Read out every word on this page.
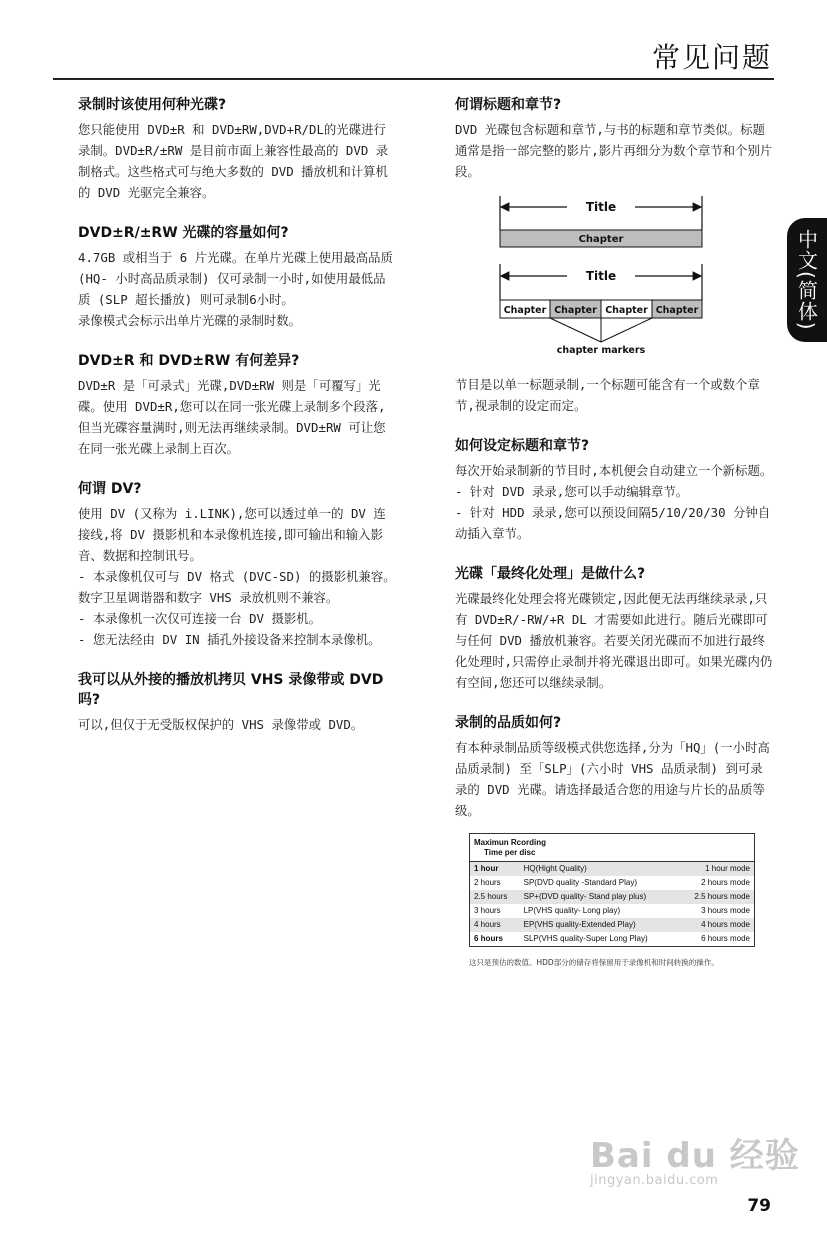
常见问题
中文(简体)
录制时该使用何种光碟?

您只能使用 DVD±R 和 DVD±RW,DVD+R/DL的光碟进行录制。DVD±R/±RW 是目前市面上兼容性最高的 DVD 录制格式。这些格式可与绝大多数的 DVD 播放机和计算机的 DVD 光驱完全兼容。

DVD±R/±RW 光碟的容量如何?

4.7GB 或相当于 6 片光碟。在单片光碟上使用最高品质 (HQ- 小时高品质录制) 仅可录制一小时,如使用最低品质 (SLP 超长播放) 则可录制6小时。
录像模式会标示出单片光碟的录制时数。

DVD±R 和 DVD±RW 有何差异?

DVD±R 是「可录式」光碟,DVD±RW 则是「可覆写」光碟。使用 DVD±R,您可以在同一张光碟上录制多个段落,但当光碟容量满时,则无法再继续录制。DVD±RW 可让您在同一张光碟上录制上百次。

何谓 DV?

使用 DV (又称为 i.LINK),您可以透过单一的 DV 连接线,将 DV 摄影机和本录像机连接,即可输出和输入影音、数据和控制讯号。
- 本录像机仅可与 DV 格式 (DVC-SD) 的摄影机兼容。数字卫星调谐器和数字 VHS 录放机则不兼容。
- 本录像机一次仅可连接一台 DV 摄影机。
- 您无法经由 DV IN 插孔外接设备来控制本录像机。

我可以从外接的播放机拷贝 VHS 录像带或 DVD 吗?

可以,但仅于无受版权保护的 VHS 录像带或 DVD。

何谓标题和章节?

DVD 光碟包含标题和章节,与书的标题和章节类似。标题通常是指一部完整的影片,影片再细分为数个章节和个别片段。

Title
Chapter
Title
Chapter Chapter Chapter Chapter
chapter markers

节目是以单一标题录制,一个标题可能含有一个或数个章节,视录制的设定而定。

如何设定标题和章节?

每次开始录制新的节目时,本机便会自动建立一个新标题。
- 针对 DVD 录录,您可以手动编辑章节。
- 针对 HDD 录录,您可以预设间隔5/10/20/30 分钟自动插入章节。

光碟「最终化处理」是做什么?

光碟最终化处理会将光碟锁定,因此便无法再继续录录,只有 DVD±R/-RW/+R DL 才需要如此进行。随后光碟即可与任何 DVD 播放机兼容。若要关闭光碟而不加进行最终化处理时,只需停止录制并将光碟退出即可。如果光碟内仍有空间,您还可以继续录制。

录制的品质如何?

有本种录制品质等级模式供您选择,分为「HQ」(一小时高品质录制) 至「SLP」(六小时 VHS 品质录制) 到可录录的 DVD 光碟。请选择最适合您的用途与片长的品质等级。

Maximun Rcording
Time per disc
1 hour	HQ(Hight Quality)	1 hour mode
2 hours	SP(DVD quality -Standard Play)	2 hours mode
2.5 hours	SP+(DVD quality- Stand play plus)	2.5 hours mode
3 hours	LP(VHS quality- Long play)	3 hours mode
4 hours	EP(VHS quality-Extended Play)	4 hours mode
6 hours	SLP(VHS quality-Super Long Play)	6 hours mode
这只是预估的数值。HDD部分的储存将保留用于录像机和时间转换的操作。
Bai du 经验
jingyan.baidu.com
79
